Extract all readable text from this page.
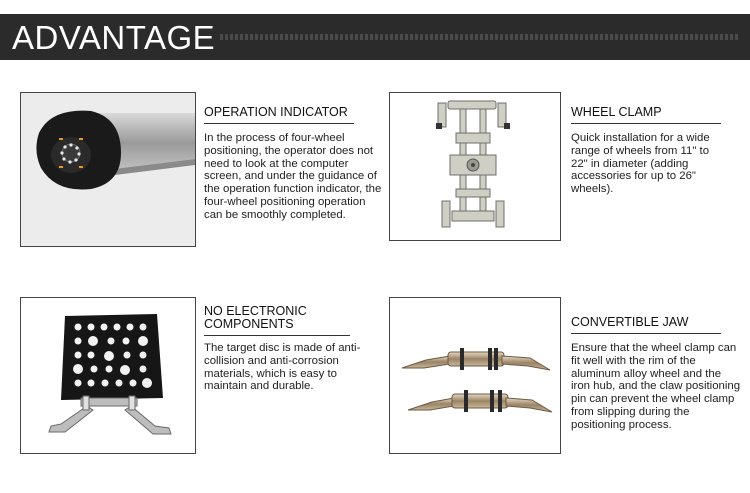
ADVANTAGE
OPERATION INDICATOR
In the process of four-wheel positioning, the operator does not need to look at the computer screen, and under the guidance of the operation function indicator, the four-wheel positioning operation can be smoothly completed.
WHEEL CLAMP
Quick installation for a wide range of wheels from 11" to 22" in diameter (adding accessories for up to 26" wheels).
NO ELECTRONIC COMPONENTS
The target disc is made of anti-collision and anti-corrosion materials, which is easy to maintain and durable.
CONVERTIBLE JAW
Ensure that the wheel clamp can fit well with the rim of the aluminum alloy wheel and the iron hub, and the claw positioning pin can prevent the wheel clamp from slipping during the positioning process.
